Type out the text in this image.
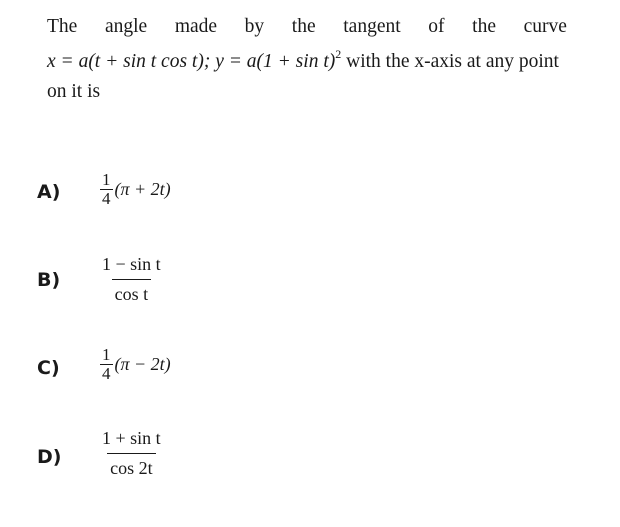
The angle made by the tangent of the curve
x = a(t + sin t cos t); $y = a(1 + \sin t)^2$ with the x-axis at any point
on it is
$A) \frac{1}{4} (\pi + 2t)$
$B) \frac{\text{1 − sin t}}{\text{cos t}}$
$C) \frac{1}{4} (\pi - 2t)$
$D) \frac{\text{1 + sin t}}{\cos 2t}$
